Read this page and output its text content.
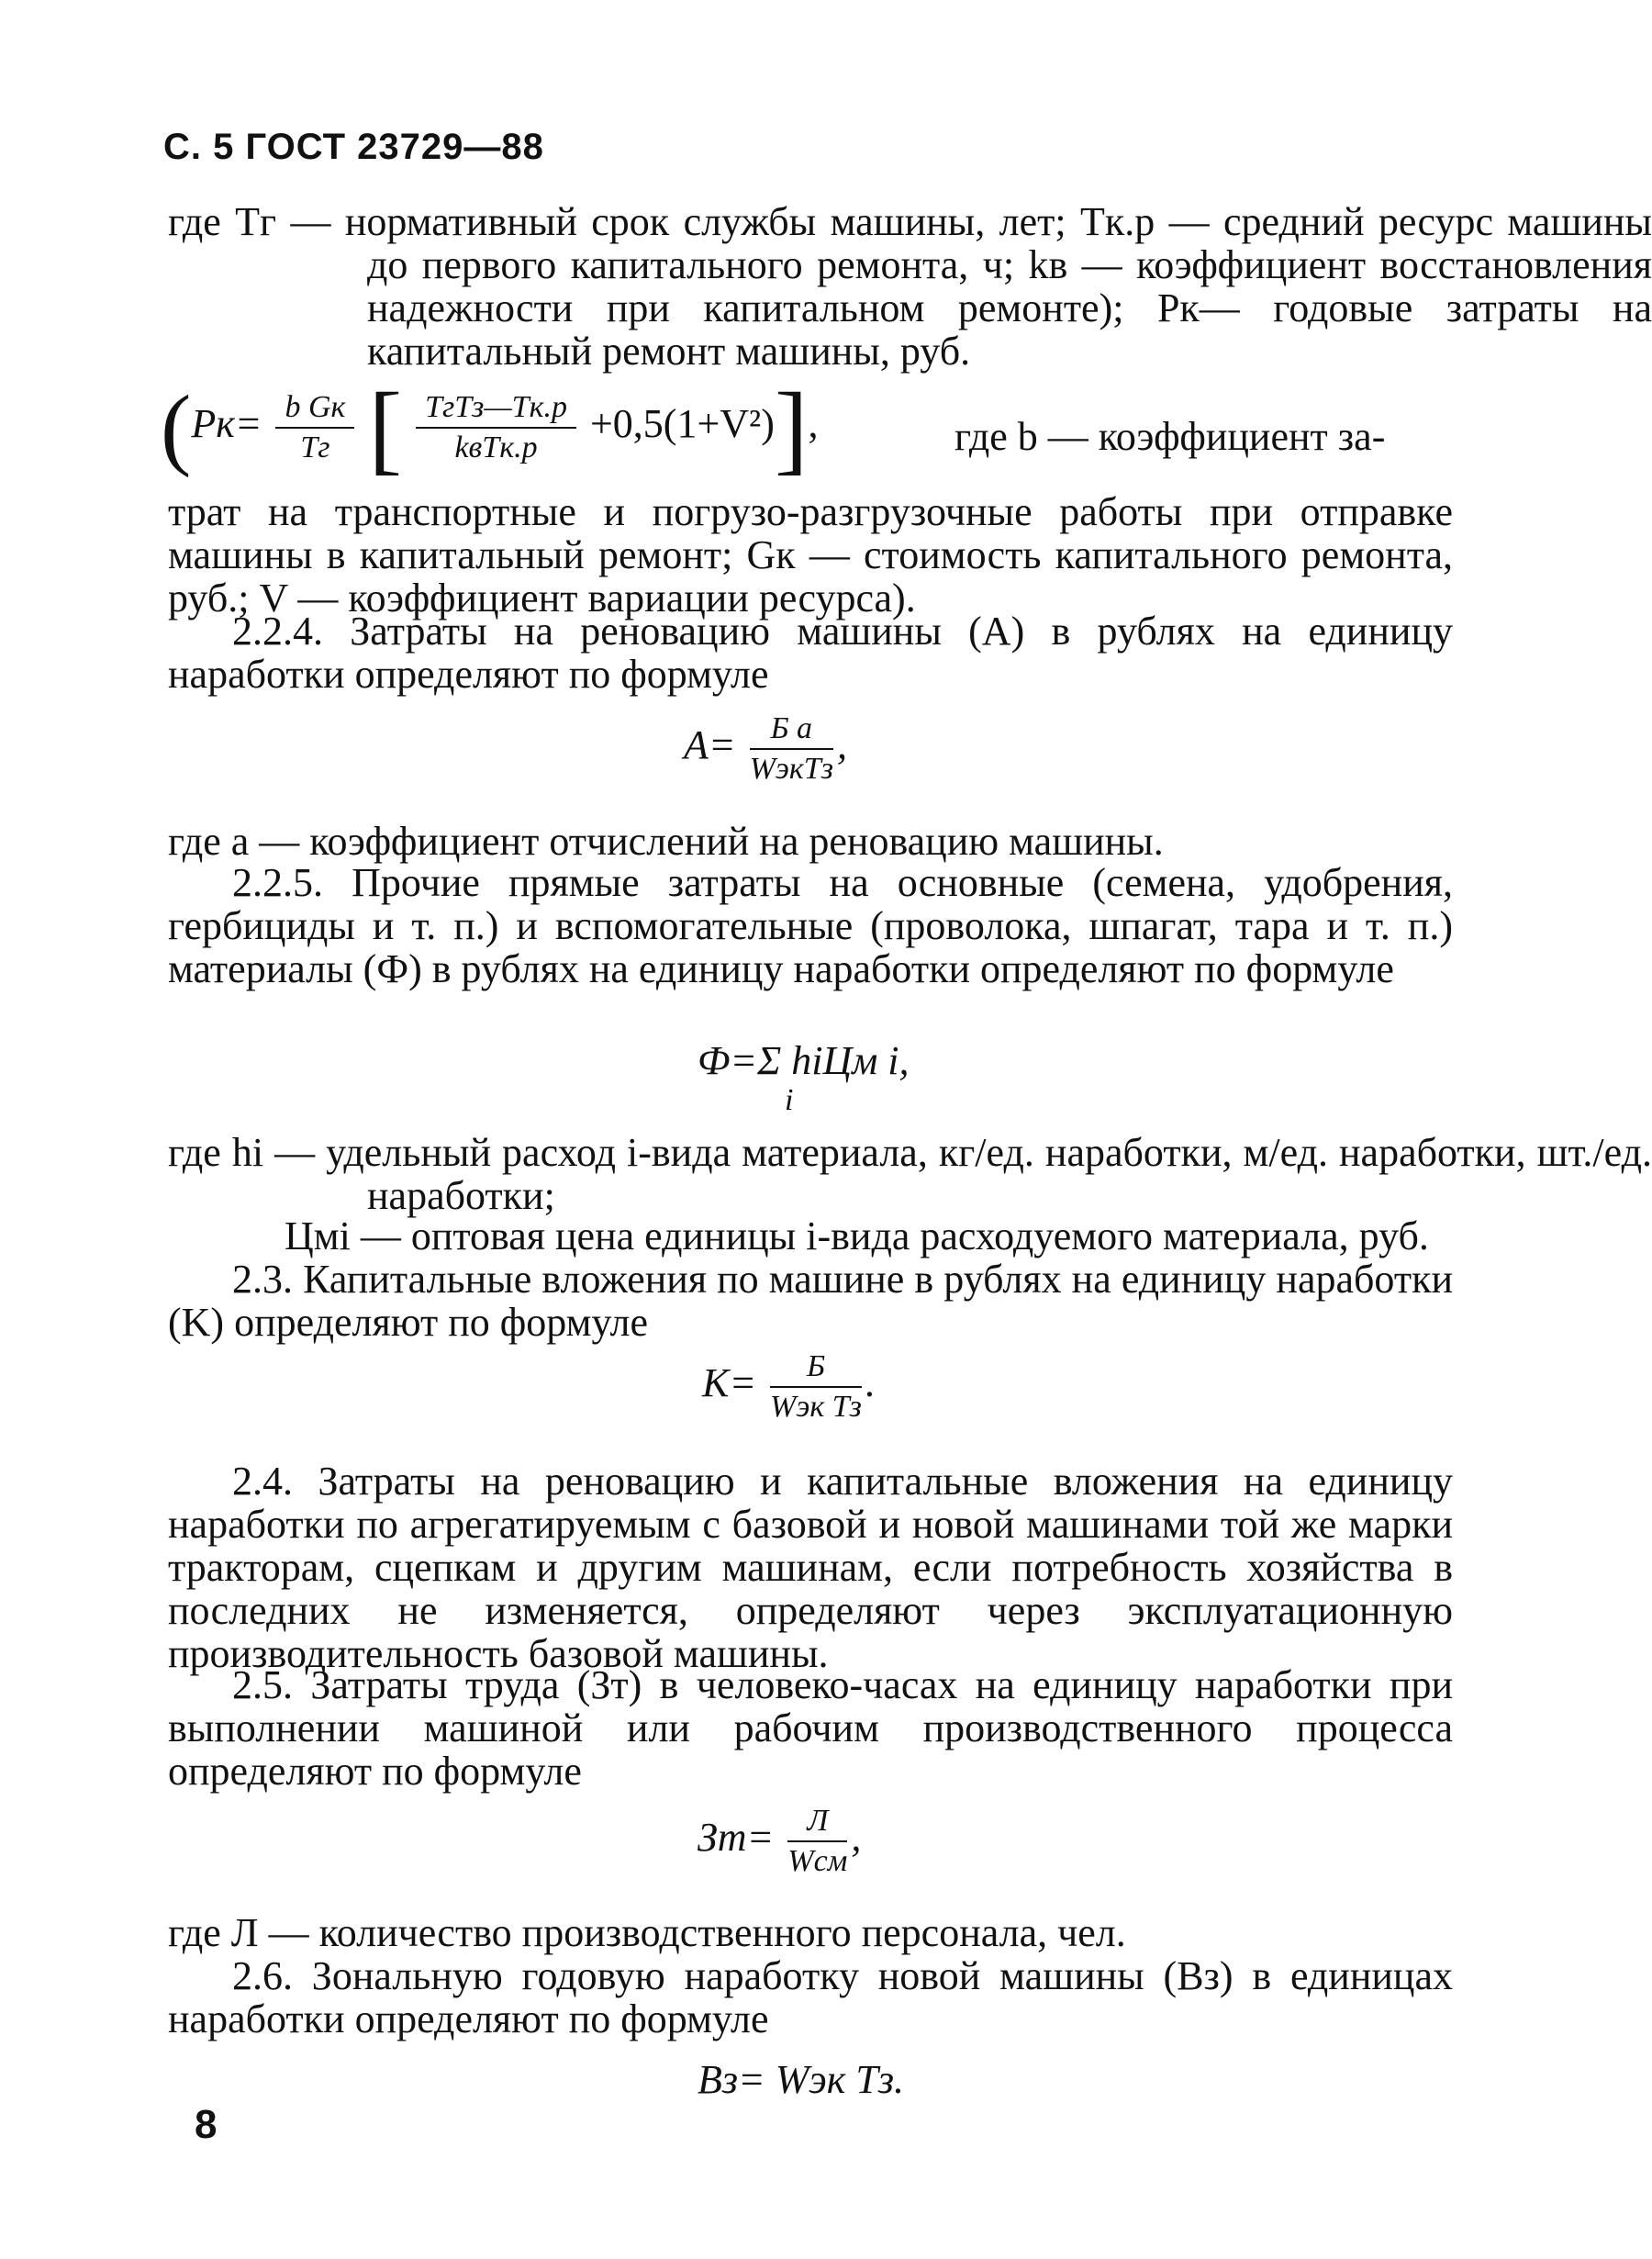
С. 5 ГОСТ 23729—88
где Tг — нормативный срок службы машины, лет; Tк.р — средний ресурс машины до первого капитального ремонта, ч; kв — коэффициент восстановления надежности при капитальном ремонте); Pк— годовые затраты на капитальный ремонт машины, руб.
($Pк= \frac{\text{b Gк}}{Tг}$ [ $\frac{\text{TгTз—Tк.р}}{\text{kвTк.р}} +0,5(1+V^2)$],	где b — коэффициент за-
трат на транспортные и погрузо-разгрузочные работы при отправке машины в капитальный ремонт; Gк — стоимость капитального ремонта, руб.; V — коэффициент вариации ресурса).
2.2.4. Затраты на реновацию машины (A) в рублях на единицу наработки определяют по формуле
$A= \frac{\text{Б a}}{\text{WэкTз}}$ ,
где a — коэффициент отчислений на реновацию машины.
2.2.5. Прочие прямые затраты на основные (семена, удобрения, гербициды и т. п.) и вспомогательные (проволока, шпагат, тара и т. п.) материалы (Ф) в рублях на единицу наработки определяют по формуле
Ф=Σ hiЦм i,
i
где hi — удельный расход i-вида материала, кг/ед. наработки, м/ед. наработки, шт./ед. наработки;
Цмi — оптовая цена единицы i-вида расходуемого материала, руб.
2.3. Капитальные вложения по машине в рублях на единицу наработки (K) определяют по формуле
$K= \frac{Б}{\text{Wэк Tз}}$ .
2.4. Затраты на реновацию и капитальные вложения на единицу наработки по агрегатируемым с базовой и новой машинами той же марки тракторам, сцепкам и другим машинам, если потребность хозяйства в последних не изменяется, определяют через эксплуатационную производительность базовой машины.
2.5. Затраты труда (Зт) в человеко-часах на единицу наработки при выполнении машиной или рабочим производственного процесса определяют по формуле
$Зт= \frac{Л}{\text{Wсм}}$ ,
где Л — количество производственного персонала, чел.
2.6. Зональную годовую наработку новой машины (Bз) в единицах наработки определяют по формуле
Bз= Wэк Tз.
8
